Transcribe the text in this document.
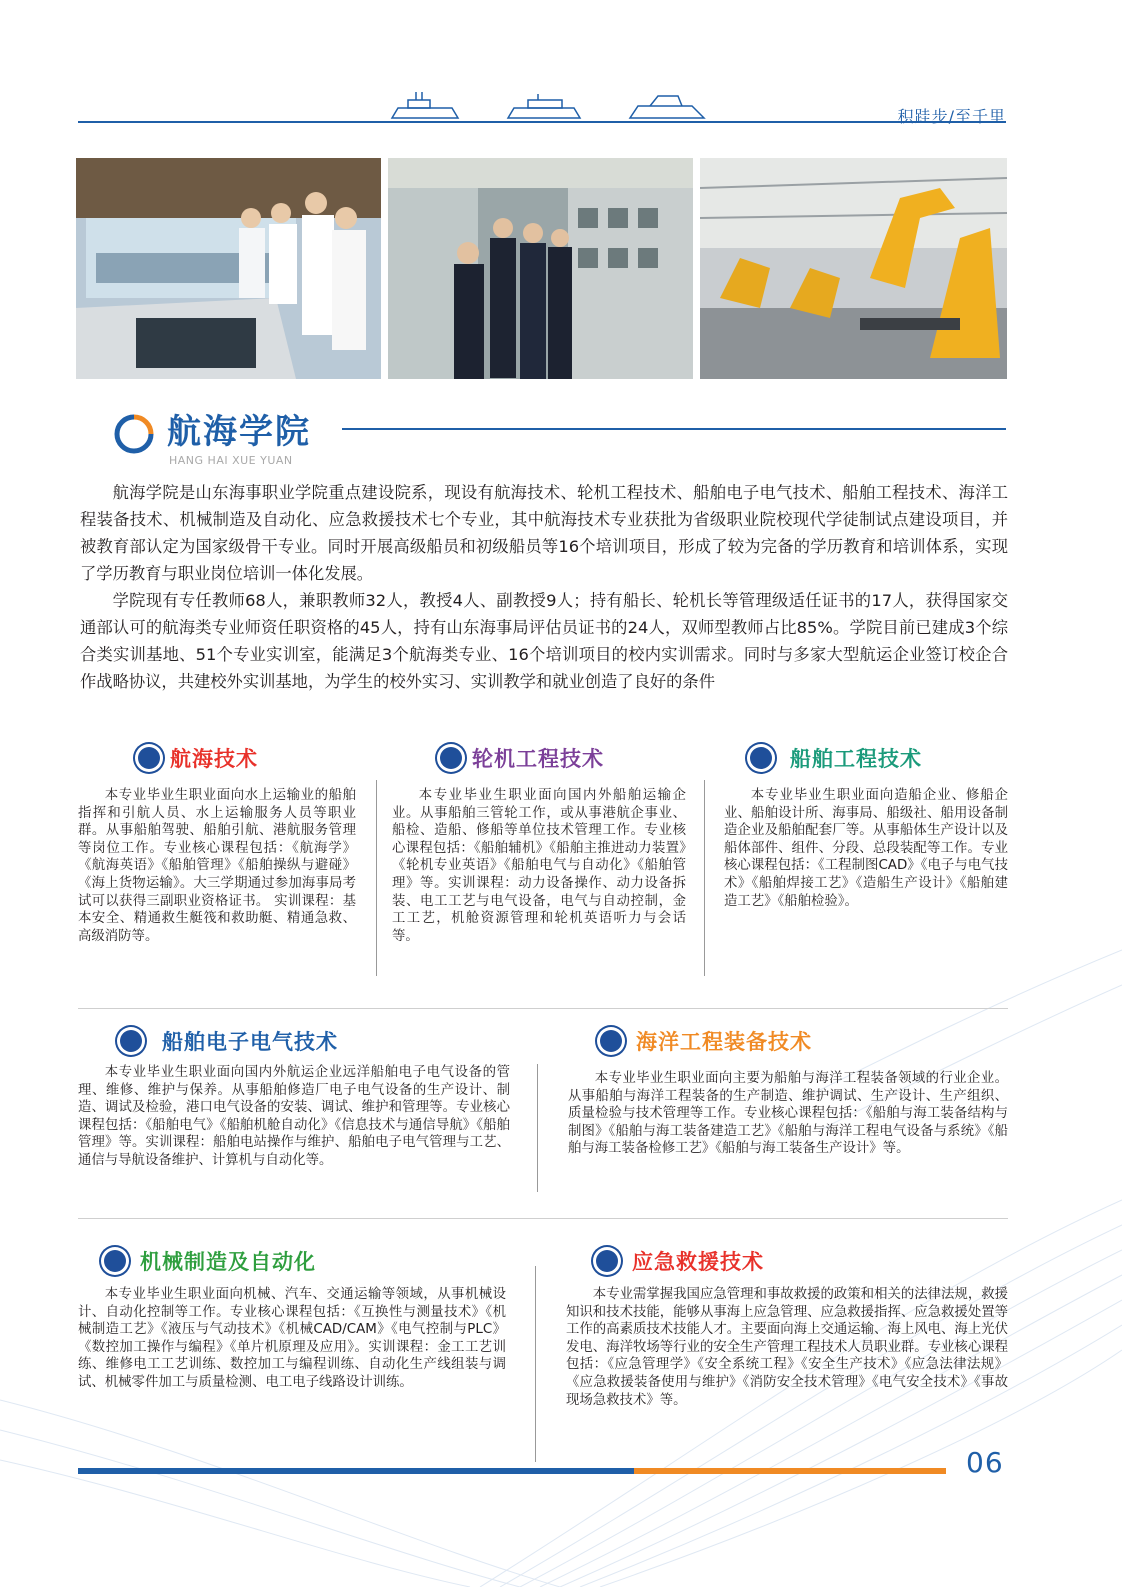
积跬步/至千里
航海学院
HANG HAI XUE YUAN

航海学院是山东海事职业学院重点建设院系，现设有航海技术、轮机工程技术、船舶电子电气技术、船舶工程技术、海洋工程装备技术、机械制造及自动化、应急救援技术七个专业，其中航海技术专业获批为省级职业院校现代学徒制试点建设项目，并被教育部认定为国家级骨干专业。同时开展高级船员和初级船员等16个培训项目，形成了较为完备的学历教育和培训体系，实现了学历教育与职业岗位培训一体化发展。

学院现有专任教师68人，兼职教师32人，教授4人、副教授9人；持有船长、轮机长等管理级适任证书的17人，获得国家交通部认可的航海类专业师资任职资格的45人，持有山东海事局评估员证书的24人，双师型教师占比85%。学院目前已建成3个综合类实训基地、51个专业实训室，能满足3个航海类专业、16个培训项目的校内实训需求。同时与多家大型航运企业签订校企合作战略协议，共建校外实训基地，为学生的校外实习、实训教学和就业创造了良好的条件

航海技术

本专业毕业生职业面向水上运输业的船舶指挥和引航人员、水上运输服务人员等职业群。从事船舶驾驶、船舶引航、港航服务管理等岗位工作。专业核心课程包括：《航海学》《航海英语》《船舶管理》《船舶操纵与避碰》《海上货物运输》。大三学期通过参加海事局考试可以获得三副职业资格证书。 实训课程：基本安全、精通救生艇筏和救助艇、精通急救、高级消防等。

轮机工程技术

本专业毕业生职业面向国内外船舶运输企业。从事船舶三管轮工作，或从事港航企事业、船检、造船、修船等单位技术管理工作。专业核心课程包括：《船舶辅机》《船舶主推进动力装置》《轮机专业英语》《船舶电气与自动化》《船舶管理》等。实训课程：动力设备操作、动力设备拆装、电工工艺与电气设备，电气与自动控制，金工工艺，机舱资源管理和轮机英语听力与会话等。

船舶工程技术

本专业毕业生职业面向造船企业、修船企业、船舶设计所、海事局、船级社、船用设备制造企业及船舶配套厂等。从事船体生产设计以及船体部件、组件、分段、总段装配等工作。专业核心课程包括：《工程制图CAD》《电子与电气技术》《船舶焊接工艺》《造船生产设计》《船舶建造工艺》《船舶检验》。

船舶电子电气技术

本专业毕业生职业面向国内外航运企业远洋船舶电子电气设备的管理、维修、维护与保养。从事船舶修造厂电子电气设备的生产设计、制造、调试及检验，港口电气设备的安装、调试、维护和管理等。专业核心课程包括：《船舶电气》《船舶机舱自动化》《信息技术与通信导航》《船舶管理》等。实训课程：船舶电站操作与维护、船舶电子电气管理与工艺、通信与导航设备维护、计算机与自动化等。

海洋工程装备技术

本专业毕业生职业面向主要为船舶与海洋工程装备领域的行业企业。从事船舶与海洋工程装备的生产制造、维护调试、生产设计、生产组织、质量检验与技术管理等工作。专业核心课程包括：《船舶与海工装备结构与制图》《船舶与海工装备建造工艺》《船舶与海洋工程电气设备与系统》《船舶与海工装备检修工艺》《船舶与海工装备生产设计》等。

机械制造及自动化

本专业毕业生职业面向机械、汽车、交通运输等领域，从事机械设计、自动化控制等工作。专业核心课程包括：《互换性与测量技术》《机械制造工艺》《液压与气动技术》《机械CAD/CAM》《电气控制与PLC》《数控加工操作与编程》《单片机原理及应用》。实训课程：金工工艺训练、维修电工工艺训练、数控加工与编程训练、自动化生产线组装与调试、机械零件加工与质量检测、电工电子线路设计训练。

应急救援技术

本专业需掌握我国应急管理和事故救援的政策和相关的法律法规，救援知识和技术技能，能够从事海上应急管理、应急救援指挥、应急救援处置等工作的高素质技术技能人才。主要面向海上交通运输、海上风电、海上光伏发电、海洋牧场等行业的安全生产管理工程技术人员职业群。专业核心课程包括：《应急管理学》《安全系统工程》《安全生产技术》《应急法律法规》《应急救援装备使用与维护》《消防安全技术管理》《电气安全技术》《事故现场急救技术》等。

06
